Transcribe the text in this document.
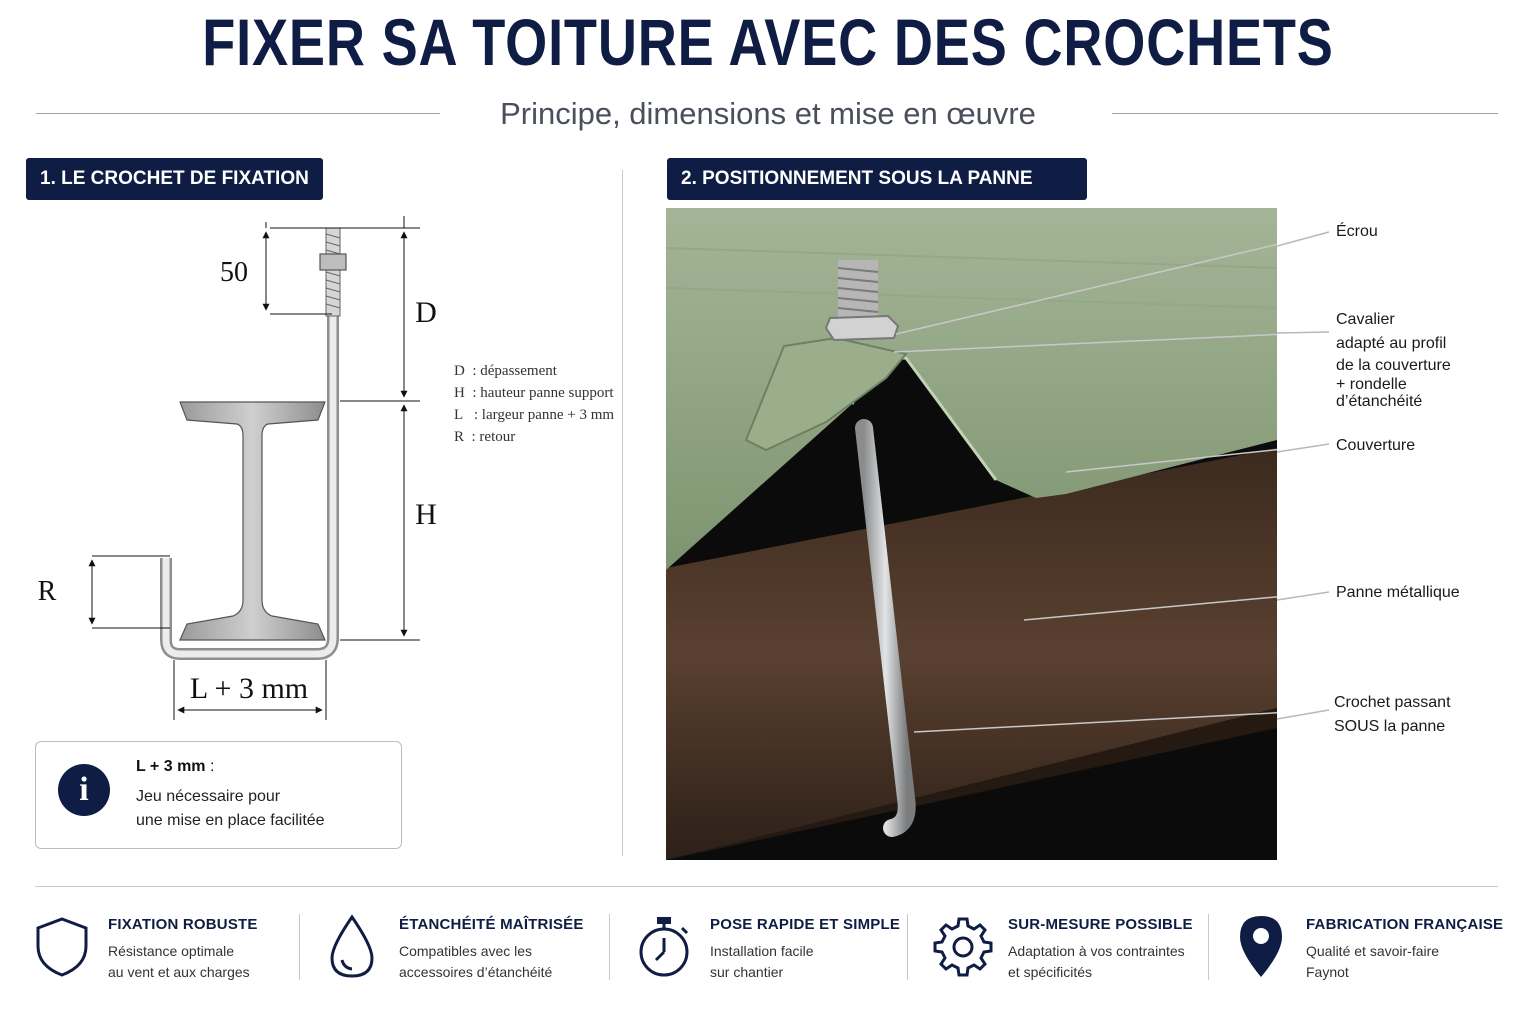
FIXER SA TOITURE AVEC DES CROCHETS
Principe, dimensions et mise en œuvre
1. LE CROCHET DE FIXATION
50
D
H
R
L + 3 mm
D  : dépassement
H  : hauteur panne support
L   : largeur panne + 3 mm
R  : retour
i
L + 3 mm :
Jeu nécessaire pour
une mise en place facilitée
2. POSITIONNEMENT SOUS LA PANNE
Écrou
Cavalier
adapté au profil
de la couverture
+ rondelle
d’étanchéité
Couverture
Panne métallique
Crochet passant
SOUS la panne
FIXATION ROBUSTE
Résistance optimale
au vent et aux charges
ÉTANCHÉITÉ MAÎTRISÉE
Compatibles avec les
accessoires d’étanchéité
POSE RAPIDE ET SIMPLE
Installation facile
sur chantier
SUR-MESURE POSSIBLE
Adaptation à vos contraintes
et spécificités
FABRICATION FRANÇAISE
Qualité et savoir-faire
Faynot
